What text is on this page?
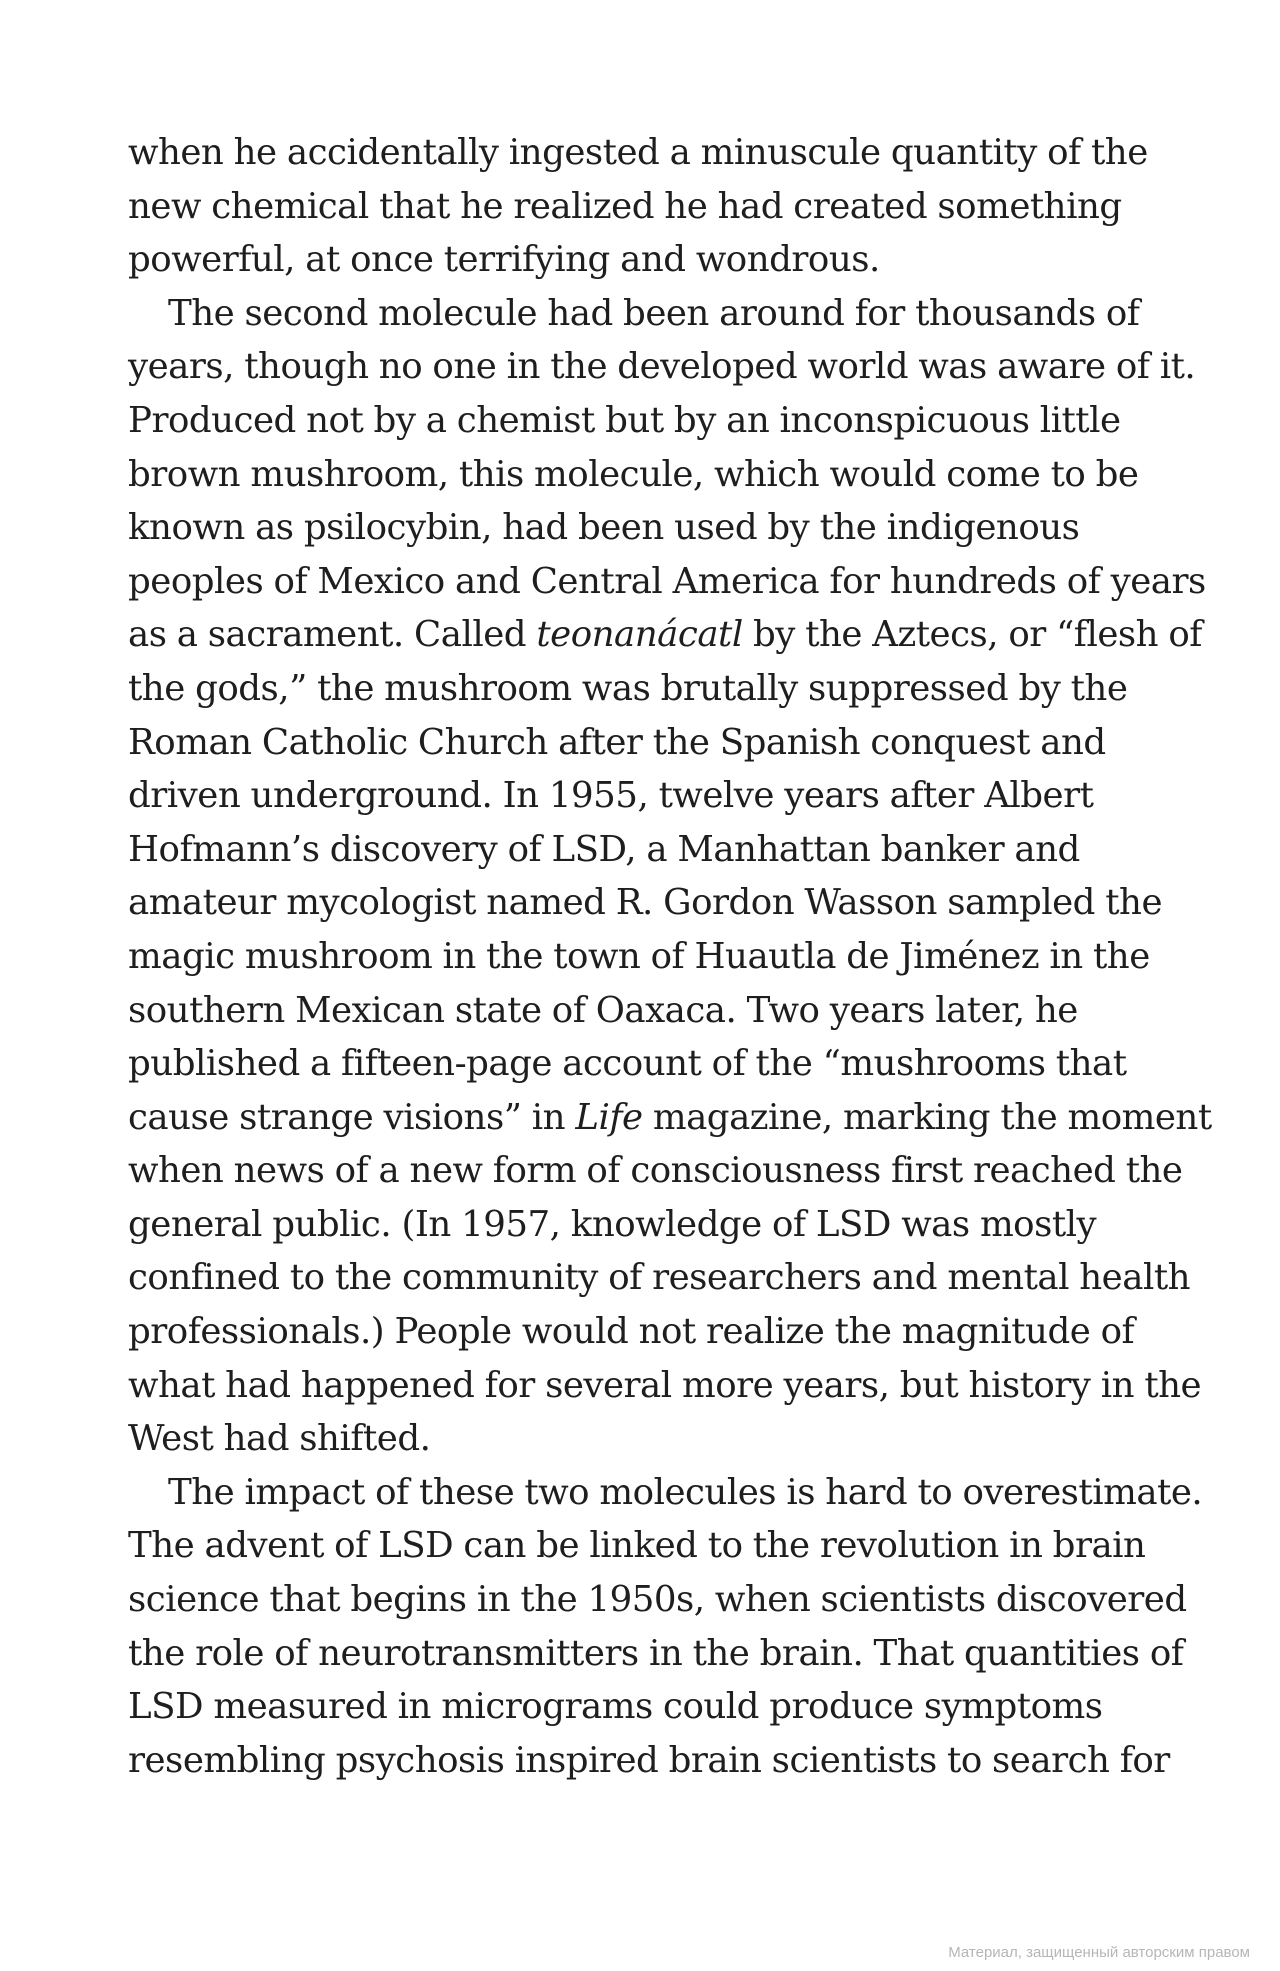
when he accidentally ingested a minuscule quantity of the
new chemical that he realized he had created something
powerful, at once terrifying and wondrous.
The second molecule had been around for thousands of
years, though no one in the developed world was aware of it.
Produced not by a chemist but by an inconspicuous little
brown mushroom, this molecule, which would come to be
known as psilocybin, had been used by the indigenous
peoples of Mexico and Central America for hundreds of years
as a sacrament. Called teonanácatl by the Aztecs, or “flesh of
the gods,” the mushroom was brutally suppressed by the
Roman Catholic Church after the Spanish conquest and
driven underground. In 1955, twelve years after Albert
Hofmann’s discovery of LSD, a Manhattan banker and
amateur mycologist named R. Gordon Wasson sampled the
magic mushroom in the town of Huautla de Jiménez in the
southern Mexican state of Oaxaca. Two years later, he
published a fifteen-page account of the “mushrooms that
cause strange visions” in Life magazine, marking the moment
when news of a new form of consciousness first reached the
general public. (In 1957, knowledge of LSD was mostly
confined to the community of researchers and mental health
professionals.) People would not realize the magnitude of
what had happened for several more years, but history in the
West had shifted.
The impact of these two molecules is hard to overestimate.
The advent of LSD can be linked to the revolution in brain
science that begins in the 1950s, when scientists discovered
the role of neurotransmitters in the brain. That quantities of
LSD measured in micrograms could produce symptoms
resembling psychosis inspired brain scientists to search for
Материал, защищенный авторским правом
